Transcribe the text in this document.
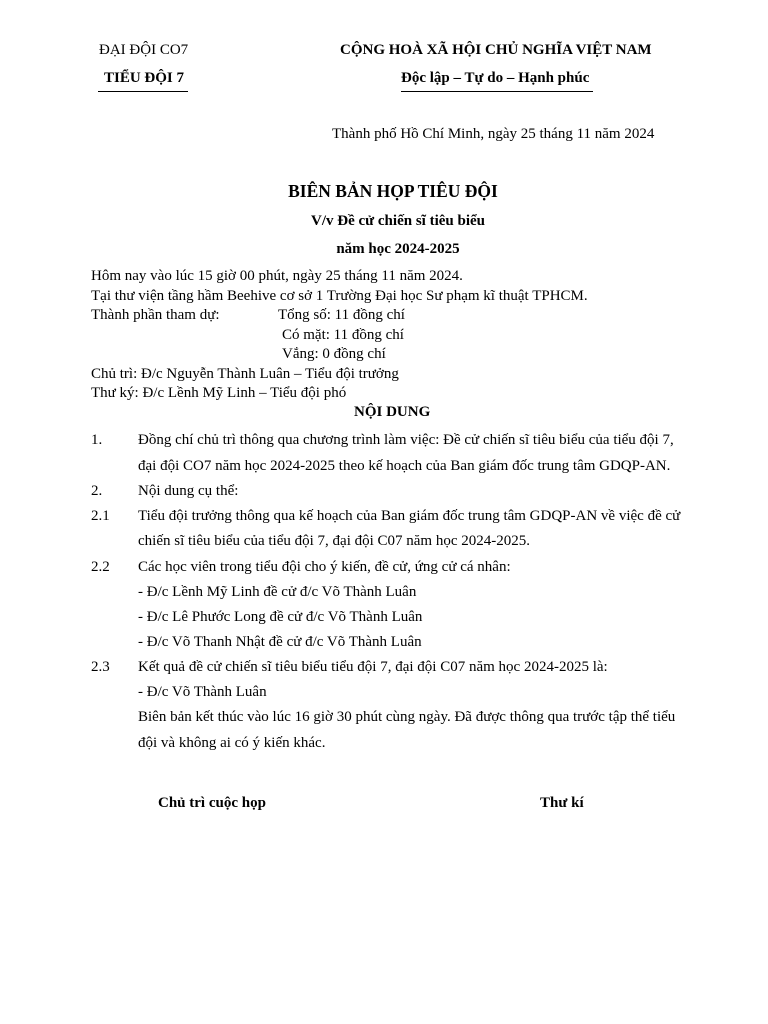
ĐẠI ĐỘI CO7
TIỂU ĐỘI 7
CỘNG HOÀ XÃ HỘI CHỦ NGHĨA VIỆT NAM
Độc lập – Tự do – Hạnh phúc
Thành phố Hồ Chí Minh, ngày 25 tháng 11 năm 2024
BIÊN BẢN HỌP TIÊU ĐỘI
V/v Đề cử chiến sĩ tiêu biểu
năm học 2024-2025
Hôm nay vào lúc 15 giờ 00 phút, ngày 25 tháng 11 năm 2024.
Tại thư viện tầng hầm Beehive cơ sở 1 Trường Đại học Sư phạm kĩ thuật TPHCM.
Thành phần tham dự:	Tổng số: 11 đồng chí
Có mặt: 11 đồng chí
Vắng: 0 đồng chí
Chủ trì: Đ/c Nguyễn Thành Luân – Tiểu đội trưởng
Thư ký: Đ/c Lềnh Mỹ Linh – Tiểu đội phó
NỘI DUNG
1. Đồng chí chủ trì thông qua chương trình làm việc: Đề cử chiến sĩ tiêu biểu của tiểu đội 7,
đại đội CO7 năm học 2024-2025 theo kế hoạch của Ban giám đốc trung tâm GDQP-AN.
2. Nội dung cụ thể:
2.1 Tiểu đội trưởng thông qua kế hoạch của Ban giám đốc trung tâm GDQP-AN về việc đề cử
chiến sĩ tiêu biểu của tiểu đội 7, đại đội C07 năm học 2024-2025.
2.2 Các học viên trong tiểu đội cho ý kiến, đề cử, ứng cử cá nhân:
- Đ/c Lềnh Mỹ Linh đề cử đ/c Võ Thành Luân
- Đ/c Lê Phước Long đề cử đ/c Võ Thành Luân
- Đ/c Võ Thanh Nhật đề cử đ/c Võ Thành Luân
2.3 Kết quả đề cử chiến sĩ tiêu biểu tiểu đội 7, đại đội C07 năm học 2024-2025 là:
- Đ/c Võ Thành Luân
Biên bản kết thúc vào lúc 16 giờ 30 phút cùng ngày. Đã được thông qua trước tập thể tiểu
đội và không ai có ý kiến khác.
Chủ trì cuộc họp	Thư kí
